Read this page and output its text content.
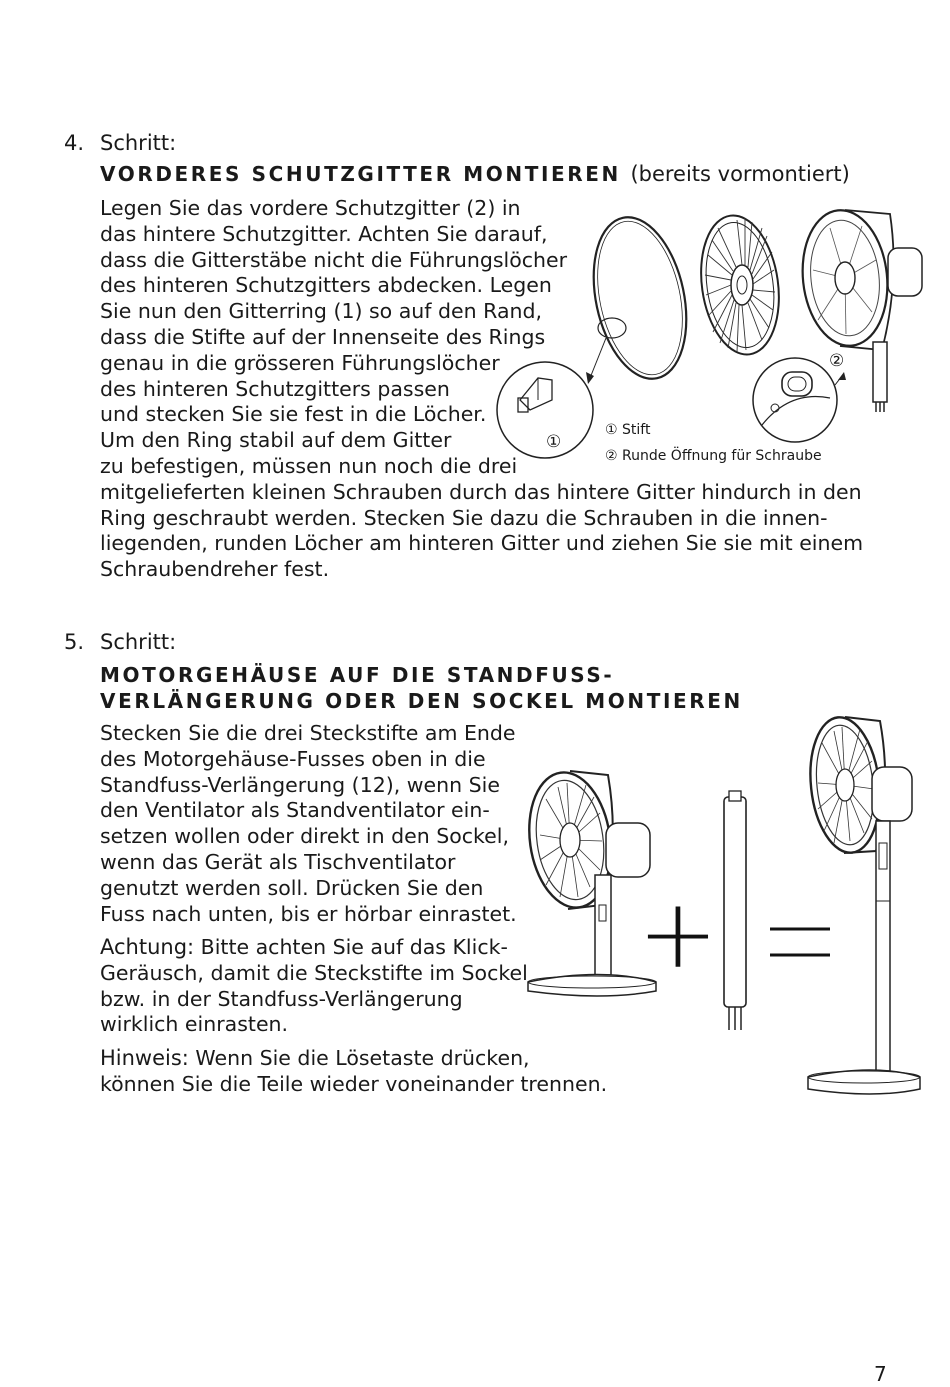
4. Schritt:
VORDERES SCHUTZGITTER MONTIEREN (bereits vormontiert)
Legen Sie das vordere Schutzgitter (2) in
das hintere Schutzgitter. Achten Sie darauf,
dass die Gitterstäbe nicht die Führungslöcher
des hinteren Schutzgitters abdecken. Legen
Sie nun den Gitterring (1) so auf den Rand,
dass die Stifte auf der Innenseite des Rings
genau in die grösseren Führungslöcher
des hinteren Schutzgitters passen
und stecken Sie sie fest in die Löcher.
Um den Ring stabil auf dem Gitter
zu befestigen, müssen nun noch die drei
mitgelieferten kleinen Schrauben durch das hintere Gitter hindurch in den
Ring geschraubt werden. Stecken Sie dazu die Schrauben in die innen-
liegenden, runden Löcher am hinteren Gitter und ziehen Sie sie mit einem
Schraubendreher fest.
①
②
① Stift
② Runde Öffnung für Schraube
5. Schritt:
MOTORGEHÄUSE AUF DIE STANDFUSS-
VERLÄNGERUNG ODER DEN SOCKEL MONTIEREN
Stecken Sie die drei Steckstifte am Ende
des Motorgehäuse-Fusses oben in die
Standfuss-Verlängerung (12), wenn Sie
den Ventilator als Standventilator ein-
setzen wollen oder direkt in den Sockel,
wenn das Gerät als Tischventilator
genutzt werden soll. Drücken Sie den
Fuss nach unten, bis er hörbar einrastet.
Achtung: Bitte achten Sie auf das Klick-
Geräusch, damit die Steckstifte im Sockel
bzw. in der Standfuss-Verlängerung
wirklich einrasten.
Hinweis: Wenn Sie die Lösetaste drücken,
können Sie die Teile wieder voneinander trennen.
+
7
